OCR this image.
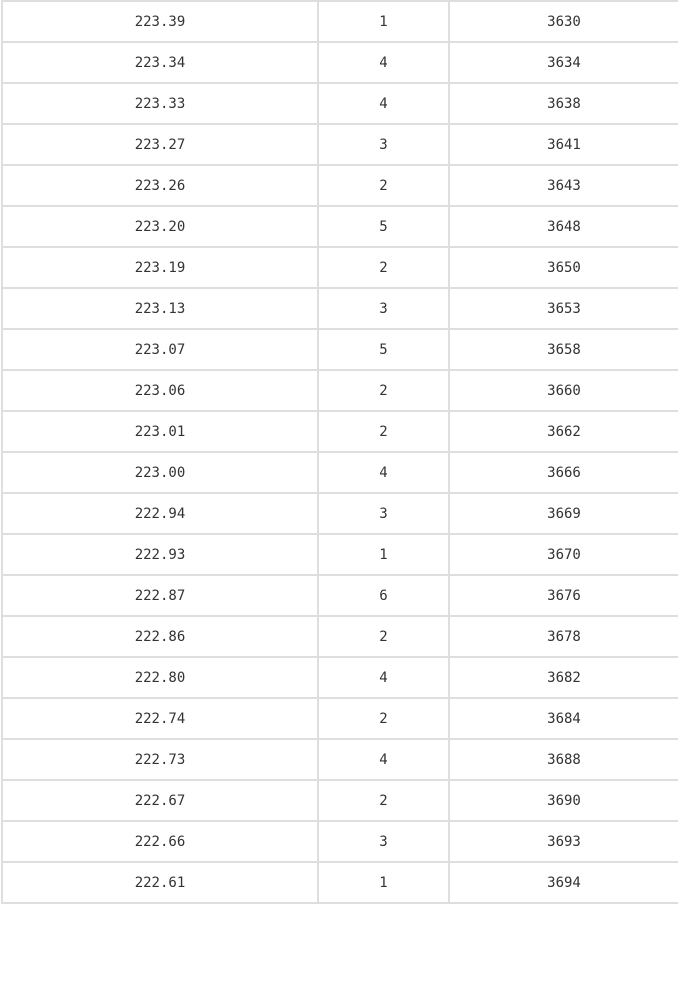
223.39	1	3630
223.34	4	3634
223.33	4	3638
223.27	3	3641
223.26	2	3643
223.20	5	3648
223.19	2	3650
223.13	3	3653
223.07	5	3658
223.06	2	3660
223.01	2	3662
223.00	4	3666
222.94	3	3669
222.93	1	3670
222.87	6	3676
222.86	2	3678
222.80	4	3682
222.74	2	3684
222.73	4	3688
222.67	2	3690
222.66	3	3693
222.61	1	3694
